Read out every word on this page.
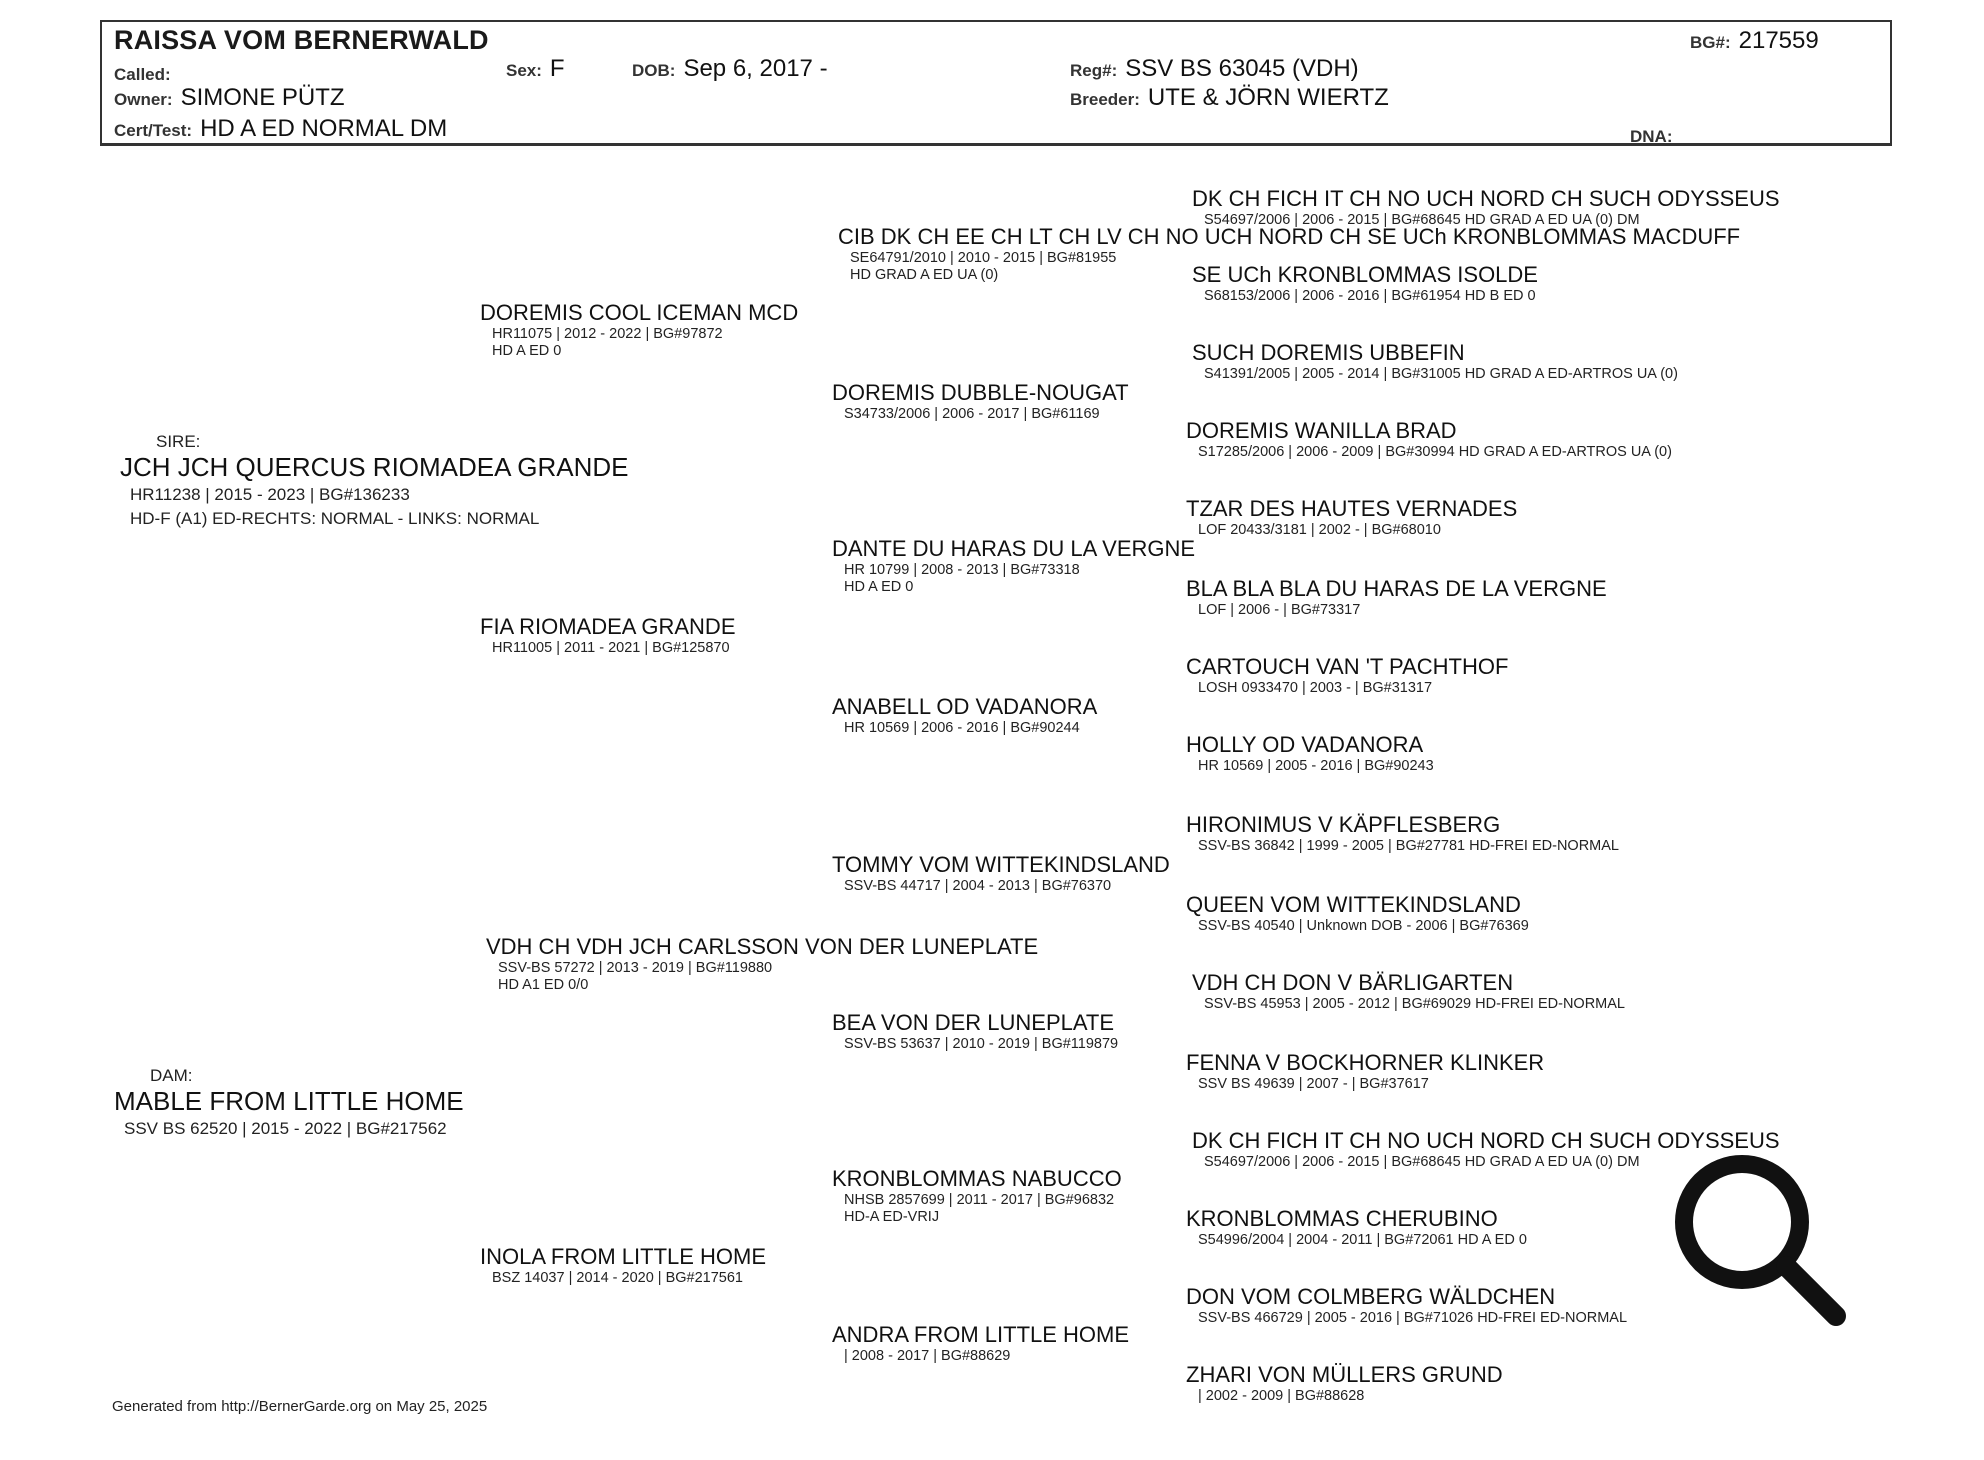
RAISSA VOM BERNERWALD	BG#: 217559
Called:	Sex: F	DOB: Sep 6, 2017 -	Reg#: SSV BS 63045 (VDH)
Owner: SIMONE PÜTZ	Breeder: UTE & JÖRN WIERTZ
Cert/Test: HD A ED NORMAL DM	DNA:
SIRE:
JCH JCH QUERCUS RIOMADEA GRANDE
HR11238 | 2015 - 2023 | BG#136233
HD-F (A1) ED-RECHTS: NORMAL - LINKS: NORMAL
DAM:
MABLE FROM LITTLE HOME
SSV BS 62520 | 2015 - 2022 | BG#217562
DOREMIS COOL ICEMAN MCD
HR11075 | 2012 - 2022 | BG#97872
HD A ED 0
FIA RIOMADEA GRANDE
HR11005 | 2011 - 2021 | BG#125870
VDH CH VDH JCH CARLSSON VON DER LUNEPLATE
SSV-BS 57272 | 2013 - 2019 | BG#119880
HD A1 ED 0/0
INOLA FROM LITTLE HOME
BSZ 14037 | 2014 - 2020 | BG#217561
CIB DK CH EE CH LT CH LV CH NO UCH NORD CH SE UCh KRONBLOMMAS MACDUFF
SE64791/2010 | 2010 - 2015 | BG#81955
HD GRAD A ED UA (0)
DOREMIS DUBBLE-NOUGAT
S34733/2006 | 2006 - 2017 | BG#61169
DANTE DU HARAS DU LA VERGNE
HR 10799 | 2008 - 2013 | BG#73318
HD A ED 0
ANABELL OD VADANORA
HR 10569 | 2006 - 2016 | BG#90244
TOMMY VOM WITTEKINDSLAND
SSV-BS 44717 | 2004 - 2013 | BG#76370
BEA VON DER LUNEPLATE
SSV-BS 53637 | 2010 - 2019 | BG#119879
KRONBLOMMAS NABUCCO
NHSB 2857699 | 2011 - 2017 | BG#96832
HD-A ED-VRIJ
ANDRA FROM LITTLE HOME
| 2008 - 2017 | BG#88629
DK CH FICH IT CH NO UCH NORD CH SUCH ODYSSEUS
S54697/2006 | 2006 - 2015 | BG#68645 HD GRAD A ED UA (0) DM
SE UCh KRONBLOMMAS ISOLDE
S68153/2006 | 2006 - 2016 | BG#61954 HD B ED 0
SUCH DOREMIS UBBEFIN
S41391/2005 | 2005 - 2014 | BG#31005 HD GRAD A ED-ARTROS UA (0)
DOREMIS WANILLA BRAD
S17285/2006 | 2006 - 2009 | BG#30994 HD GRAD A ED-ARTROS UA (0)
TZAR DES HAUTES VERNADES
LOF 20433/3181 | 2002 - | BG#68010
BLA BLA BLA DU HARAS DE LA VERGNE
LOF | 2006 - | BG#73317
CARTOUCH VAN 'T PACHTHOF
LOSH 0933470 | 2003 - | BG#31317
HOLLY OD VADANORA
HR 10569 | 2005 - 2016 | BG#90243
HIRONIMUS V KÄPFLESBERG
SSV-BS 36842 | 1999 - 2005 | BG#27781 HD-FREI ED-NORMAL
QUEEN VOM WITTEKINDSLAND
SSV-BS 40540 | Unknown DOB - 2006 | BG#76369
VDH CH DON V BÄRLIGARTEN
SSV-BS 45953 | 2005 - 2012 | BG#69029 HD-FREI ED-NORMAL
FENNA V BOCKHORNER KLINKER
SSV BS 49639 | 2007 - | BG#37617
DK CH FICH IT CH NO UCH NORD CH SUCH ODYSSEUS
S54697/2006 | 2006 - 2015 | BG#68645 HD GRAD A ED UA (0) DM
KRONBLOMMAS CHERUBINO
S54996/2004 | 2004 - 2011 | BG#72061 HD A ED 0
DON VOM COLMBERG WÄLDCHEN
SSV-BS 466729 | 2005 - 2016 | BG#71026 HD-FREI ED-NORMAL
ZHARI VON MÜLLERS GRUND
| 2002 - 2009 | BG#88628
Generated from http://BernerGarde.org on May 25, 2025
